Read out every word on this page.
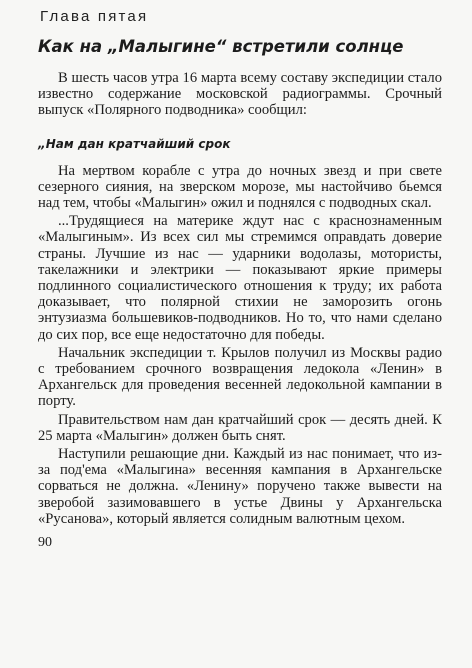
Глава пятая
Как на „Малыгине“ встретили солнце

В шесть часов утра 16 марта всему составу экспедиции стало известно содержание московской радиограммы. Срочный выпуск «Полярного подводника» сообщил:

„Нам дан кратчайший срок

На мертвом корабле с утра до ночных звезд и при свете сезерного сияния, на зверском морозе, мы настойчиво бьемся над тем, чтобы «Малыгин» ожил и поднялся с подводных скал.

...Трудящиеся на материке ждут нас с краснознаменным «Малыгиным». Из всех сил мы стремимся оправдать доверие страны. Лучшие из нас — ударники водолазы, мотористы, такелажники и электрики — показывают яркие примеры подлинного социалистического отношения к труду; их работа доказывает, что полярной стихии не заморозить огонь энтузиазма большевиков-подводников. Но то, что нами сделано до сих пор, все еще недостаточно для победы.

Начальник экспедиции т. Крылов получил из Москвы радио с требованием срочного возвращения ледокола «Ленин» в Архангельск для проведения весенней ледокольной кампании в порту.

Правительством нам дан кратчайший срок — десять дней. К 25 марта «Малыгин» должен быть снят.

Наступили решающие дни. Каждый из нас понимает, что из-за под'ема «Малыгина» весенняя кампания в Архангельске сорваться не должна. «Ленину» поручено также вывести на зверобой зазимовавшего в устье Двины у Архангельска «Русанова», который является солидным валютным цехом.

90
